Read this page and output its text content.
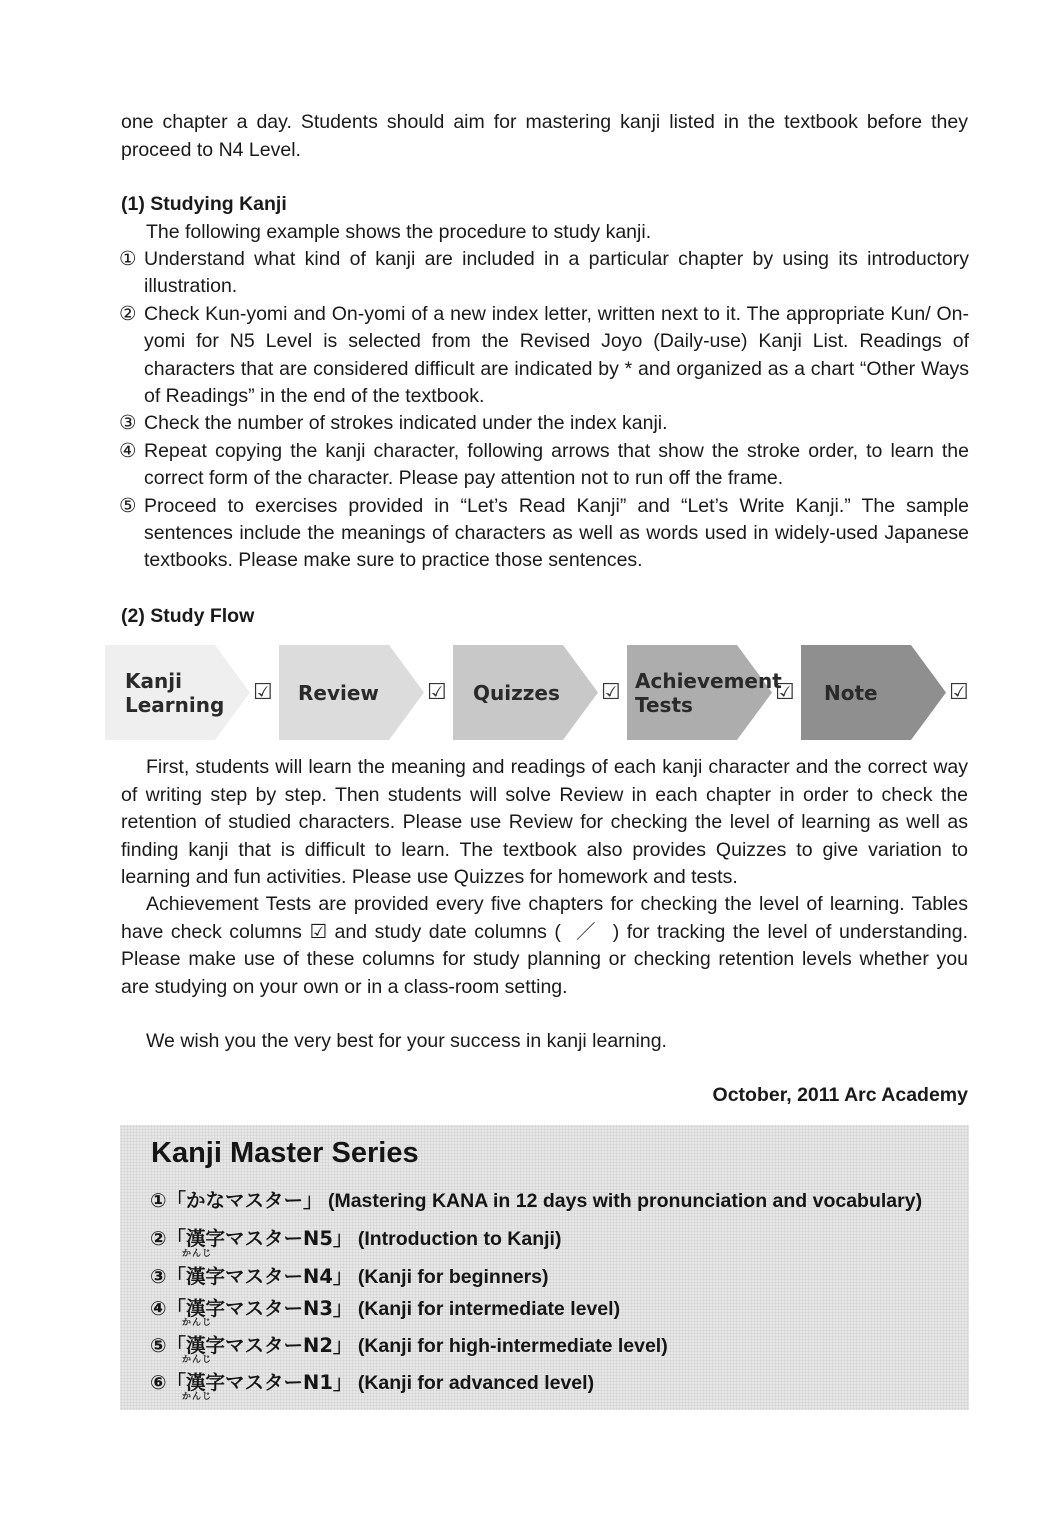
one chapter a day. Students should aim for mastering kanji listed in the textbook before they proceed to N4 Level.
(1) Studying Kanji
The following example shows the procedure to study kanji.
① Understand what kind of kanji are included in a particular chapter by using its introductory illustration.
② Check Kun-yomi and On-yomi of a new index letter, written next to it. The appropriate Kun/ On-yomi for N5 Level is selected from the Revised Joyo (Daily-use) Kanji List. Readings of characters that are considered difficult are indicated by * and organized as a chart “Other Ways of Readings” in the end of the textbook.
③ Check the number of strokes indicated under the index kanji.
④ Repeat copying the kanji character, following arrows that show the stroke order, to learn the correct form of the character. Please pay attention not to run off the frame.
⑤ Proceed to exercises provided in “Let’s Read Kanji” and “Let’s Write Kanji.” The sample sentences include the meanings of characters as well as words used in widely-used Japanese textbooks. Please make sure to practice those sentences.
(2) Study Flow
Kanji
Learning
☑ Review ☑ Quizzes ☑ Achievement
Tests
☑ Note	☑
First, students will learn the meaning and readings of each kanji character and the correct way of writing step by step. Then students will solve Review in each chapter in order to check the retention of studied characters. Please use Review for checking the level of learning as well as finding kanji that is difficult to learn. The textbook also provides Quizzes to give variation to learning and fun activities. Please use Quizzes for homework and tests.
Achievement Tests are provided every five chapters for checking the level of learning. Tables have check columns ☑ and study date columns ( ／ ) for tracking the level of understanding. Please make use of these columns for study planning or checking retention levels whether you are studying on your own or in a class-room setting.
We wish you the very best for your success in kanji learning.
October, 2011 Arc Academy
Kanji Master Series
①「かなマスター」 (Mastering KANA in 12 days with pronunciation and vocabulary)
②「漢字マスターN5」 (Introduction to Kanji)
かんじ
③「漢字マスターN4」 (Kanji for beginners)
④「漢字マスターN3」 (Kanji for intermediate level)
かんじ
⑤「漢字マスターN2」 (Kanji for high-intermediate level)
かんじ
⑥「漢字マスターN1」 (Kanji for advanced level)
かんじ
